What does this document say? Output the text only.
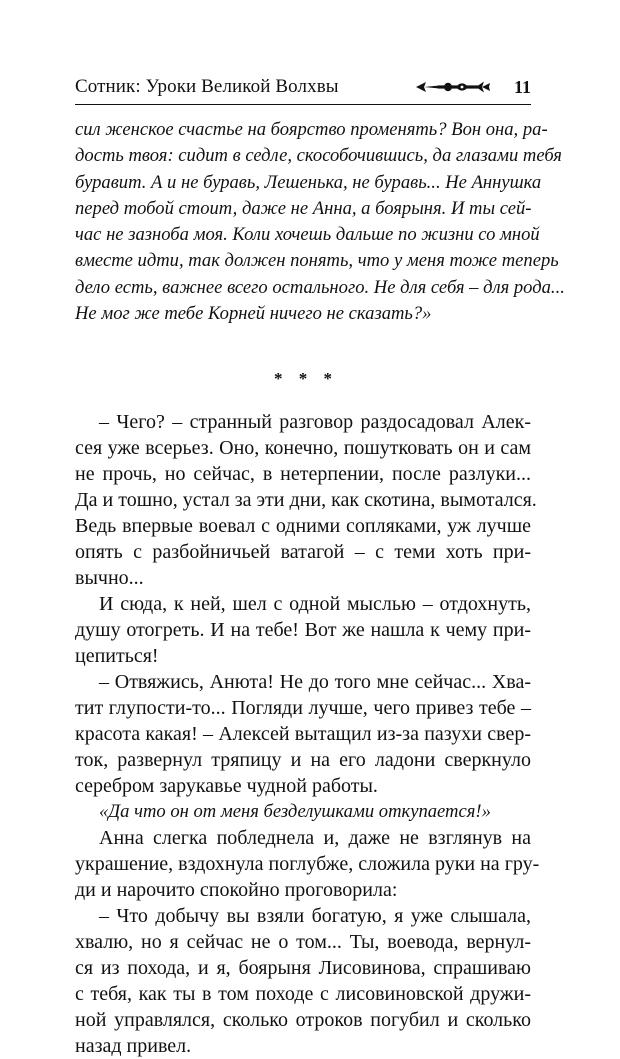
Сотник: Уроки Великой Волхвы	11
сил женское счастье на боярство променять? Вон она, ра-
дость твоя: сидит в седле, скособочившись, да глазами тебя
буравит. А и не буравь, Лешенька, не буравь... Не Аннушка
перед тобой стоит, даже не Анна, а боярыня. И ты сей-
час не зазноба моя. Коли хочешь дальше по жизни со мной
вместе идти, так должен понять, что у меня тоже теперь
дело есть, важнее всего остального. Не для себя – для рода...
Не мог же тебе Корней ничего не сказать?»
* * *

– Чего? – странный разговор раздосадовал Алек-
сея уже всерьез. Оно, конечно, пошутковать он и сам
не прочь, но сейчас, в нетерпении, после разлуки...
Да и тошно, устал за эти дни, как скотина, вымотался.
Ведь впервые воевал с одними сопляками, уж лучше
опять с разбойничьей ватагой – с теми хоть при-
вычно...

И сюда, к ней, шел с одной мыслью – отдохнуть,
душу отогреть. И на тебе! Вот же нашла к чему при-
цепиться!

– Отвяжись, Анюта! Не до того мне сейчас... Хва-
тит глупости-то... Погляди лучше, чего привез тебе –
красота какая! – Алексей вытащил из-за пазухи свер-
ток, развернул тряпицу и на его ладони сверкнуло
серебром зарукавье чудной работы.

«Да что он от меня безделушками откупается!»

Анна слегка побледнела и, даже не взглянув на
украшение, вздохнула поглубже, сложила руки на гру-
ди и нарочито спокойно проговорила:

– Что добычу вы взяли богатую, я уже слышала,
хвалю, но я сейчас не о том... Ты, воевода, вернул-
ся из похода, и я, боярыня Лисовинова, спрашиваю
с тебя, как ты в том походе с лисовиновской дружи-
ной управлялся, сколько отроков погубил и сколько
назад привел.
